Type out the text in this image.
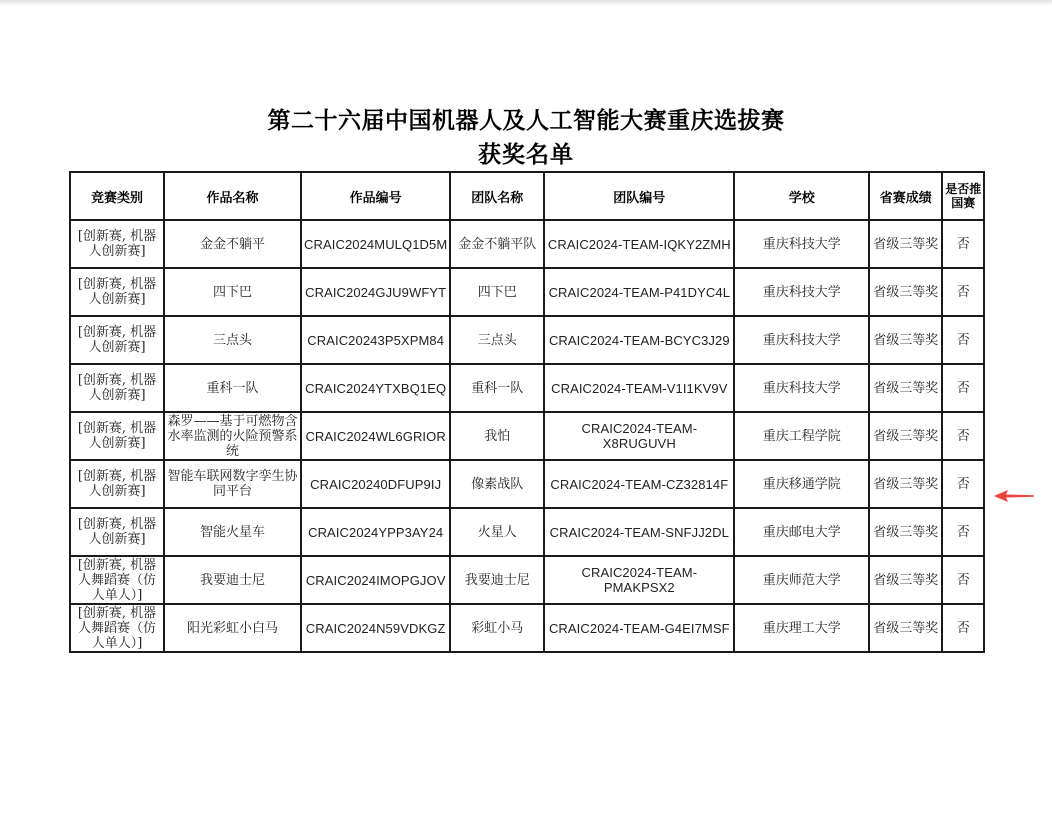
第二十六届中国机器人及人工智能大赛重庆选拔赛
获奖名单
竞赛类别	作品名称	作品编号	团队名称	团队编号	学校	省赛成绩	是否推国赛
[创新赛, 机器人创新赛]	金金不躺平	CRAIC2024MULQ1D5M	金金不躺平队	CRAIC2024-TEAM-IQKY2ZMH	重庆科技大学	省级三等奖	否
[创新赛, 机器人创新赛]	四下巴	CRAIC2024GJU9WFYT	四下巴	CRAIC2024-TEAM-P41DYC4L	重庆科技大学	省级三等奖	否
[创新赛, 机器人创新赛]	三点头	CRAIC20243P5XPM84	三点头	CRAIC2024-TEAM-BCYC3J29	重庆科技大学	省级三等奖	否
[创新赛, 机器人创新赛]	重科一队	CRAIC2024YTXBQ1EQ	重科一队	CRAIC2024-TEAM-V1I1KV9V	重庆科技大学	省级三等奖	否
[创新赛, 机器人创新赛]	森罗——基于可燃物含水率监测的火险预警系统	CRAIC2024WL6GRIOR	我怕	CRAIC2024-TEAM-X8RUGUVH	重庆工程学院	省级三等奖	否
[创新赛, 机器人创新赛]	智能车联网数字孪生协同平台	CRAIC20240DFUP9IJ	像素战队	CRAIC2024-TEAM-CZ32814F	重庆移通学院	省级三等奖	否
[创新赛, 机器人创新赛]	智能火星车	CRAIC2024YPP3AY24	火星人	CRAIC2024-TEAM-SNFJJ2DL	重庆邮电大学	省级三等奖	否
[创新赛, 机器人舞蹈赛（仿人单人）]	我要迪士尼	CRAIC2024IMOPGJOV	我要迪士尼	CRAIC2024-TEAM-PMAKPSX2	重庆师范大学	省级三等奖	否
[创新赛, 机器人舞蹈赛（仿人单人）]	阳光彩虹小白马	CRAIC2024N59VDKGZ	彩虹小马	CRAIC2024-TEAM-G4EI7MSF	重庆理工大学	省级三等奖	否
